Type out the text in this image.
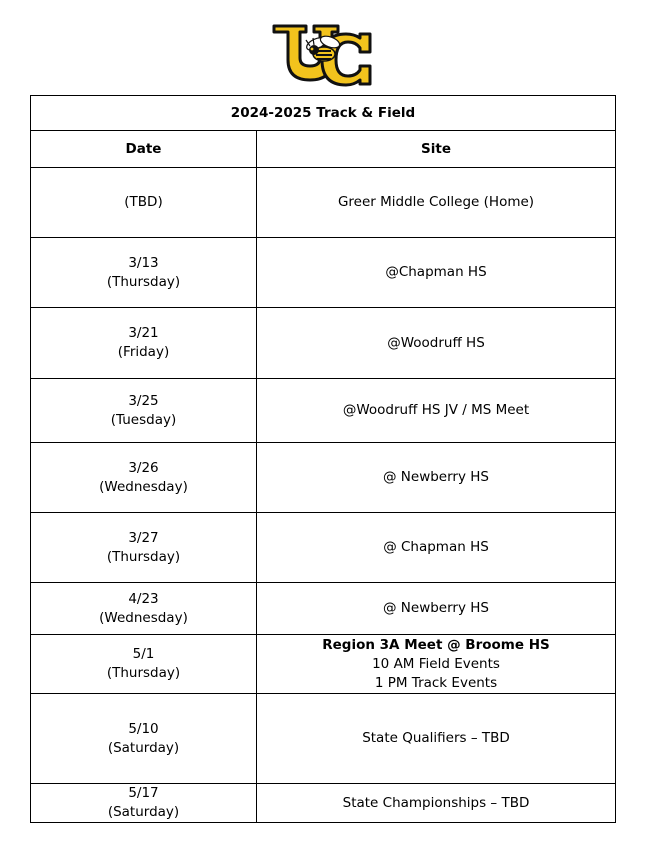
2024-2025 Track & Field	
Date	Site

(TBD)	Greer Middle College (Home)

3/13
(Thursday)	@Chapman HS

3/21
(Friday)	@Woodruff HS

3/25
(Tuesday)	@Woodruff HS JV / MS Meet

3/26
(Wednesday)	@ Newberry HS

3/27
(Thursday)	@ Chapman HS

4/23
(Wednesday)	@ Newberry HS

5/1
(Thursday)	Region 3A Meet @ Broome HS
10 AM Field Events
1 PM Track Events

5/10
(Saturday)	State Qualifiers – TBD

5/17
(Saturday)	State Championships – TBD
